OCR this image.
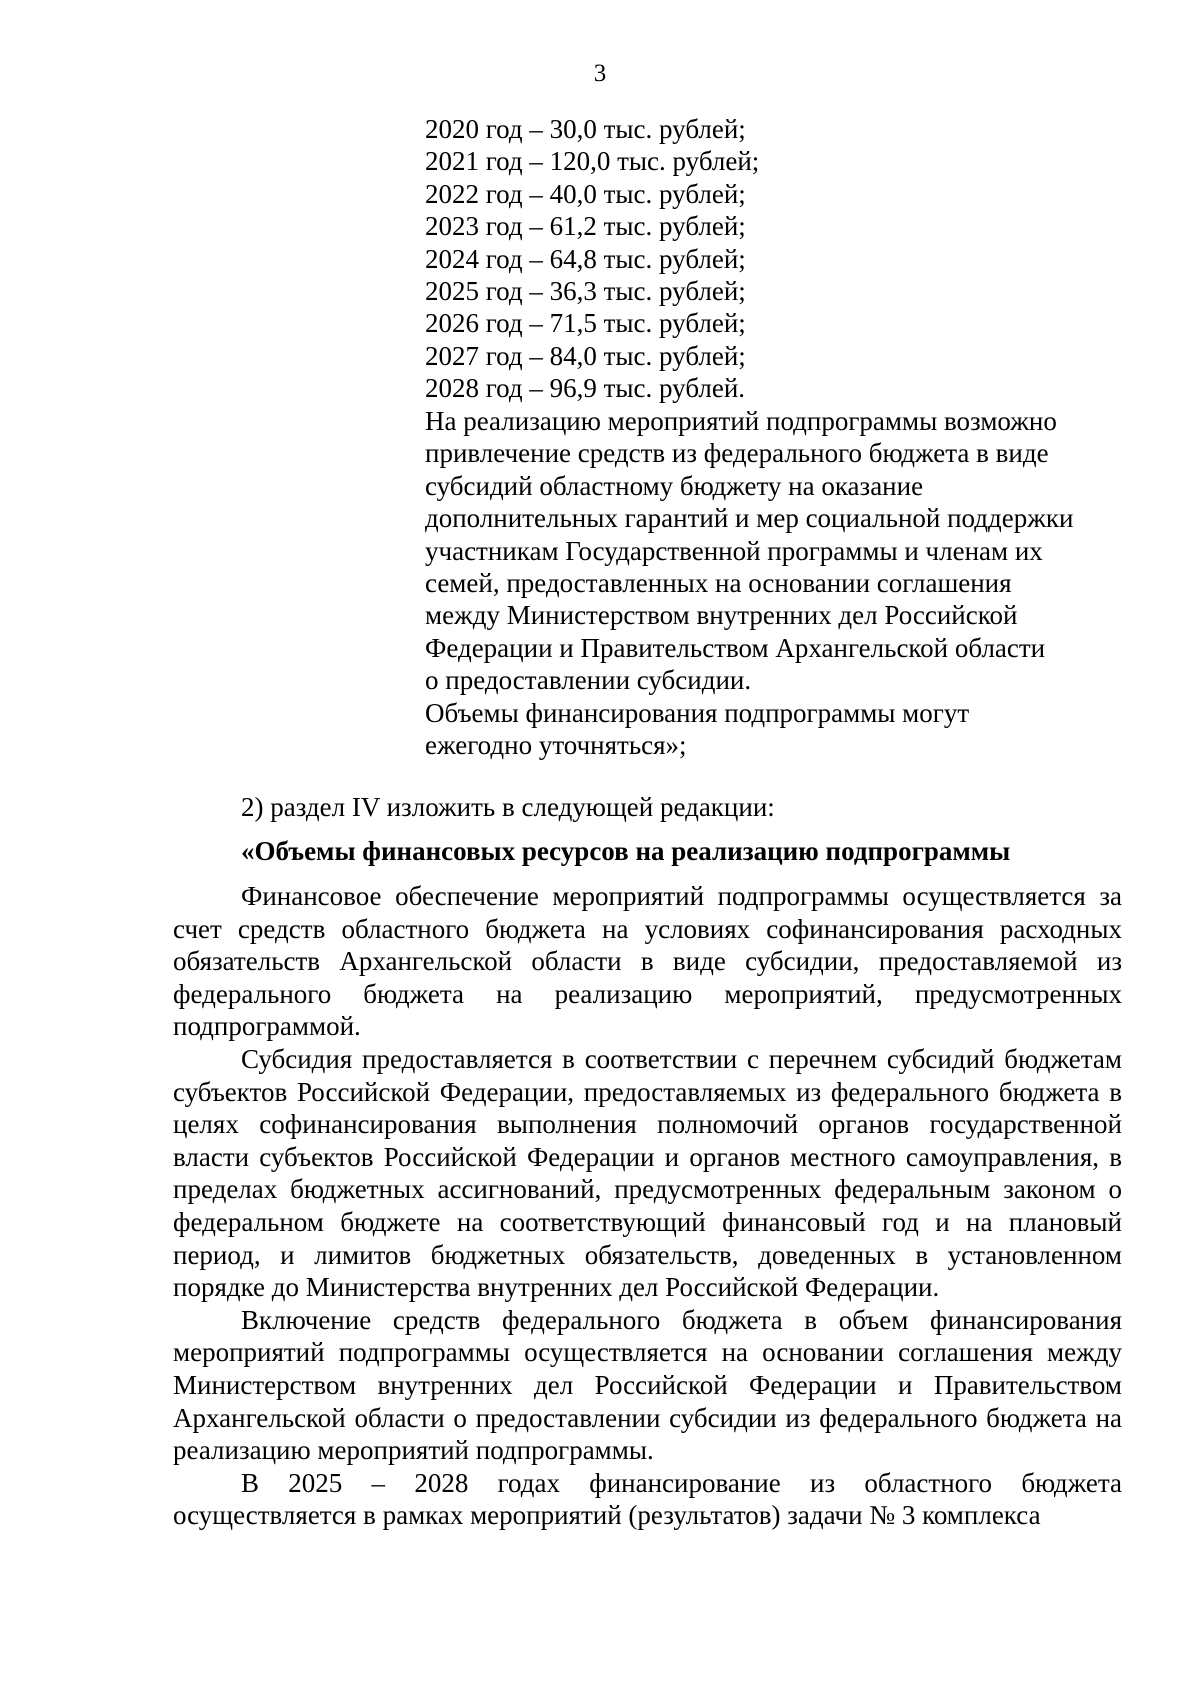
3
2020 год – 30,0 тыс. рублей;
2021 год – 120,0 тыс. рублей;
2022 год – 40,0 тыс. рублей;
2023 год – 61,2 тыс. рублей;
2024 год – 64,8 тыс. рублей;
2025 год – 36,3 тыс. рублей;
2026 год – 71,5 тыс. рублей;
2027 год – 84,0 тыс. рублей;
2028 год – 96,9 тыс. рублей.
На реализацию мероприятий подпрограммы возможно
привлечение средств из федерального бюджета в виде
субсидий областному бюджету на оказание
дополнительных гарантий и мер социальной поддержки
участникам Государственной программы и членам их
семей, предоставленных на основании соглашения
между Министерством внутренних дел Российской
Федерации и Правительством Архангельской области
о предоставлении субсидии.
Объемы финансирования подпрограммы могут
ежегодно уточняться»;
2) раздел IV изложить в следующей редакции:
«Объемы финансовых ресурсов на реализацию подпрограммы

Финансовое обеспечение мероприятий подпрограммы осуществляется за счет средств областного бюджета на условиях софинансирования расходных обязательств Архангельской области в виде субсидии, предоставляемой из федерального бюджета на реализацию мероприятий, предусмотренных подпрограммой.

Субсидия предоставляется в соответствии с перечнем субсидий бюджетам субъектов Российской Федерации, предоставляемых из федерального бюджета в целях софинансирования выполнения полномочий органов государственной власти субъектов Российской Федерации и органов местного самоуправления, в пределах бюджетных ассигнований, предусмотренных федеральным законом о федеральном бюджете на соответствующий финансовый год и на плановый период, и лимитов бюджетных обязательств, доведенных в установленном порядке до Министерства внутренних дел Российской Федерации.

Включение средств федерального бюджета в объем финансирования мероприятий подпрограммы осуществляется на основании соглашения между Министерством внутренних дел Российской Федерации и Правительством Архангельской области о предоставлении субсидии из федерального бюджета на реализацию мероприятий подпрограммы.

В 2025 – 2028 годах финансирование из областного бюджета осуществляется в рамках мероприятий (результатов) задачи № 3 комплекса
